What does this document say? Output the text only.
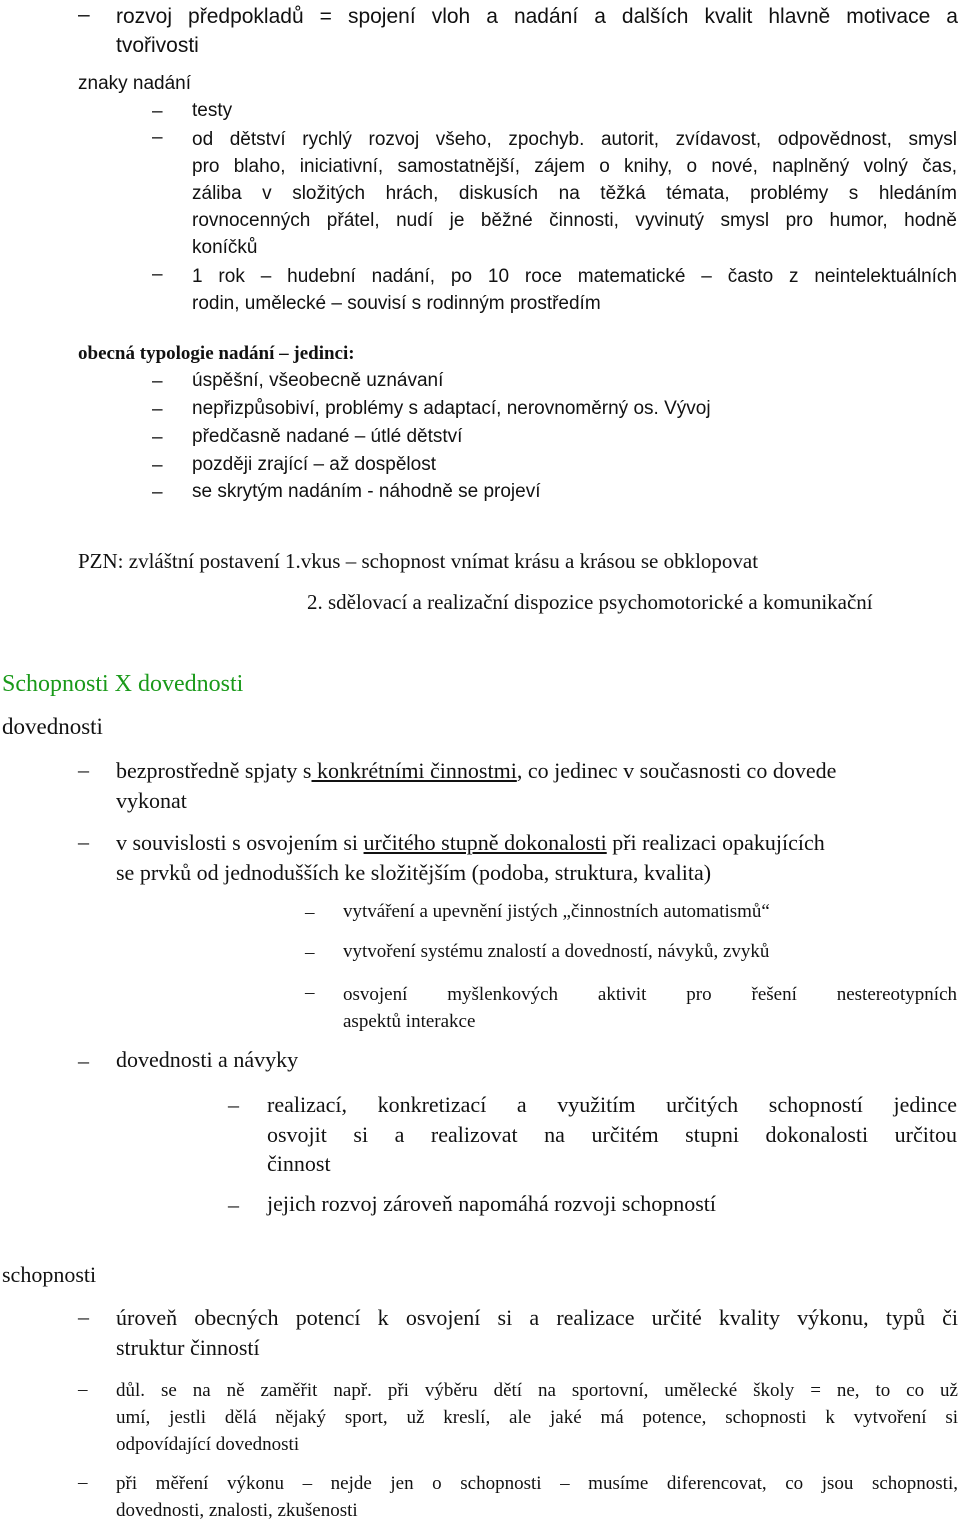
– rozvoj předpokladů = spojení vloh a nadání a dalších kvalit hlavně motivace a
tvořivosti
znaky nadání
– testy
– od dětství rychlý rozvoj všeho, zpochyb. autorit, zvídavost, odpovědnost, smysl
pro blaho, iniciativní, samostatnější, zájem o knihy, o nové, naplněný volný čas,
záliba v složitých hrách, diskusích na těžká témata, problémy s hledáním
rovnocenných přátel, nudí je běžné činnosti, vyvinutý smysl pro humor, hodně
koníčků
– 1 rok – hudební nadání, po 10 roce matematické – často z neintelektuálních
rodin, umělecké – souvisí s rodinným prostředím
obecná typologie nadání – jedinci:
– úspěšní, všeobecně uznávaní
– nepřizpůsobiví, problémy s adaptací, nerovnoměrný os. Vývoj
– předčasně nadané – útlé dětství
– později zrající – až dospělost
– se skrytým nadáním - náhodně se projeví
PZN: zvláštní postavení 1.vkus – schopnost vnímat krásu a krásou se obklopovat
2. sdělovací a realizační dispozice psychomotorické a komunikační
Schopnosti X dovednosti
dovednosti
– bezprostředně spjaty s konkrétními činnostmi, co jedinec v současnosti co dovede
vykonat
– v souvislosti s osvojením si určitého stupně dokonalosti při realizaci opakujících
se prvků od jednodušších ke složitějším (podoba, struktura, kvalita)
– vytváření a upevnění jistých „činnostních automatismů“
– vytvoření systému znalostí a dovedností, návyků, zvyků
– osvojení myšlenkových aktivit pro řešení nestereotypních
aspektů interakce
– dovednosti a návyky
– realizací, konkretizací a využitím určitých schopností jedince
osvojit si a realizovat na určitém stupni dokonalosti určitou
činnost
– jejich rozvoj zároveň napomáhá rozvoji schopností
schopnosti
– úroveň obecných potencí k osvojení si a realizace určité kvality výkonu, typů či
struktur činností
– důl. se na ně zaměřit např. při výběru dětí na sportovní, umělecké školy = ne, to co už
umí, jestli dělá nějaký sport, už kreslí, ale jaké má potence, schopnosti k vytvoření si
odpovídající dovednosti
– při měření výkonu – nejde jen o schopnosti – musíme diferencovat, co jsou schopnosti,
dovednosti, znalosti, zkušenosti
